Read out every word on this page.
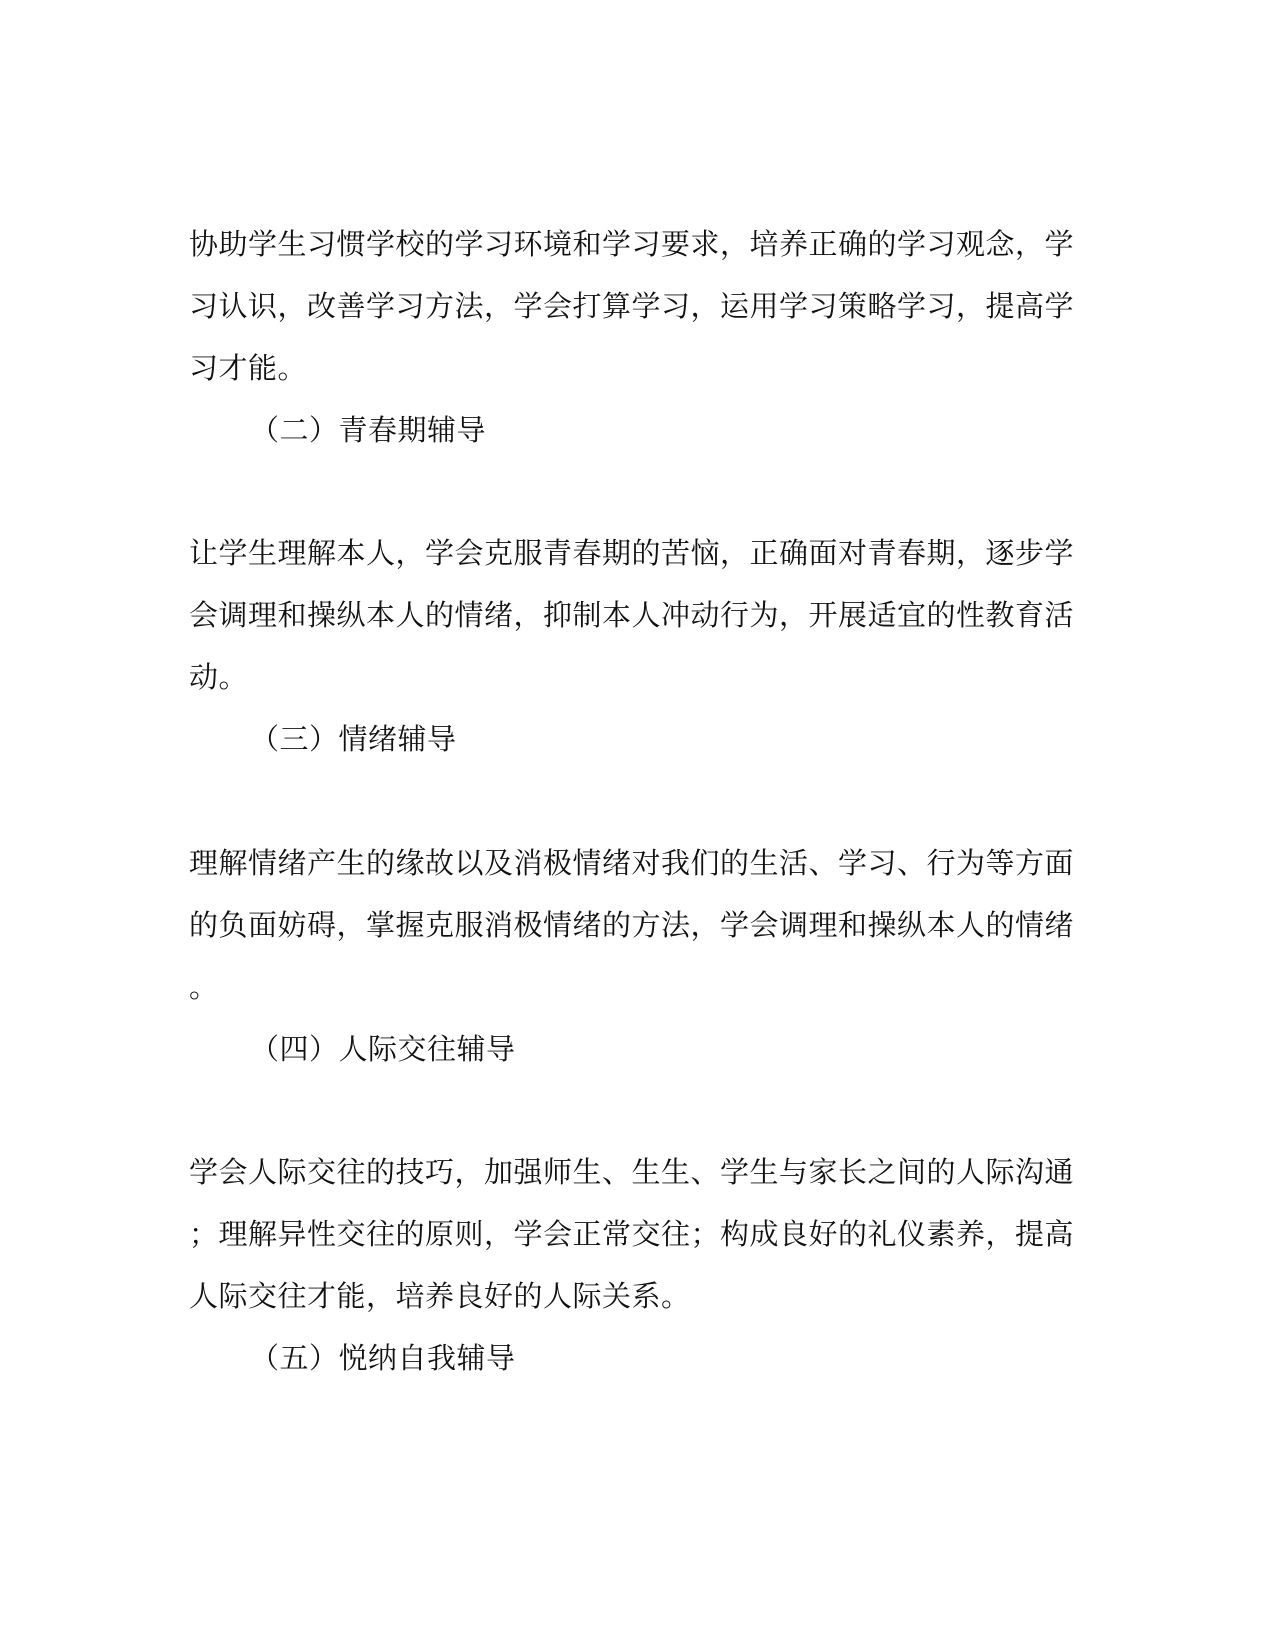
协助学生习惯学校的学习环境和学习要求，培养正确的学习观念，学
习认识，改善学习方法，学会打算学习，运用学习策略学习，提高学
习才能。
（二）青春期辅导
让学生理解本人，学会克服青春期的苦恼，正确面对青春期，逐步学
会调理和操纵本人的情绪，抑制本人冲动行为，开展适宜的性教育活
动。
（三）情绪辅导
理解情绪产生的缘故以及消极情绪对我们的生活、学习、行为等方面
的负面妨碍，掌握克服消极情绪的方法，学会调理和操纵本人的情绪
。
（四）人际交往辅导
学会人际交往的技巧，加强师生、生生、学生与家长之间的人际沟通
；理解异性交往的原则，学会正常交往；构成良好的礼仪素养，提高
人际交往才能，培养良好的人际关系。
（五）悦纳自我辅导
